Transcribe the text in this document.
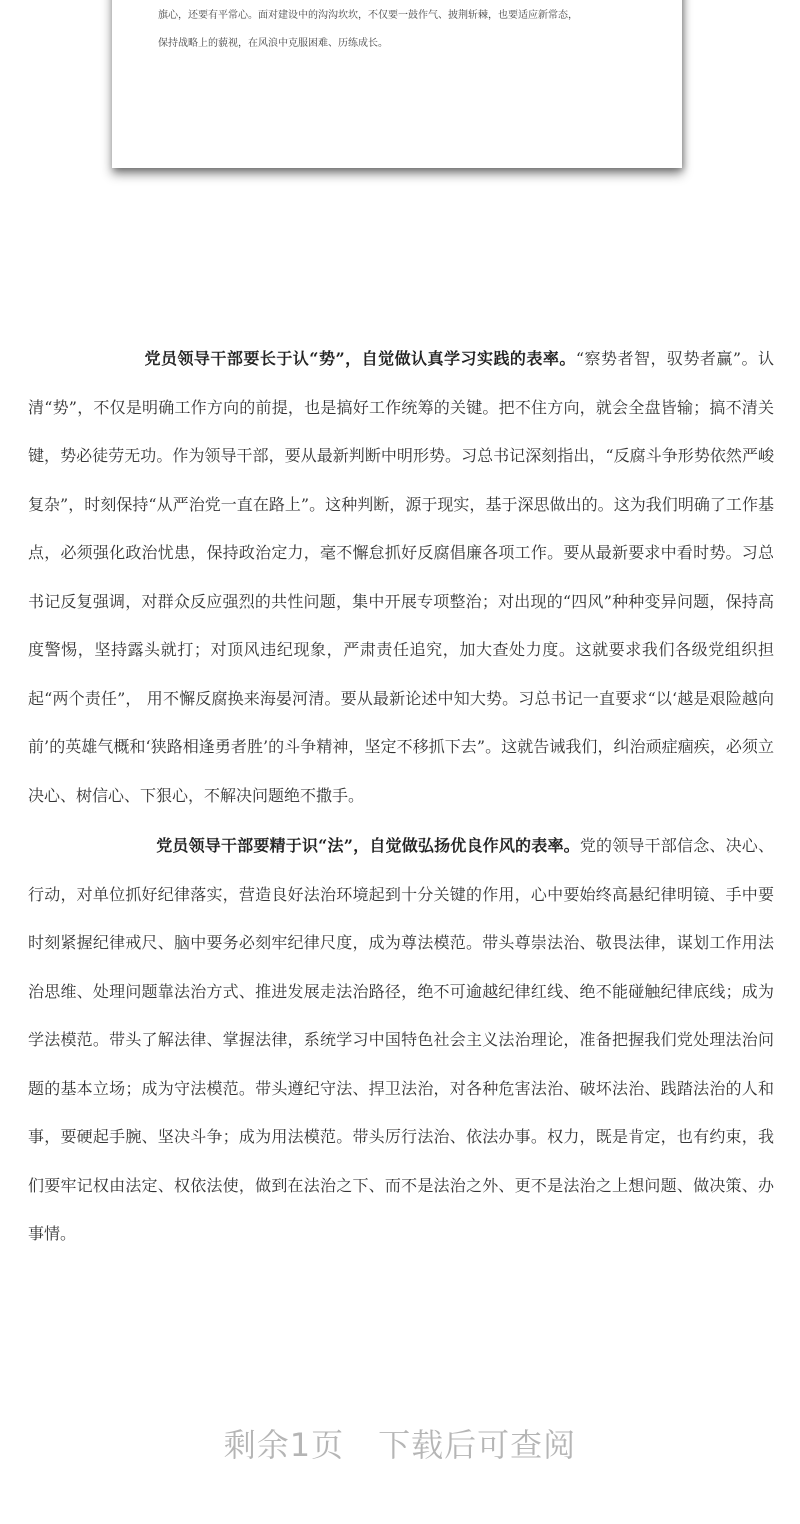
旗心，还要有平常心。面对建设中的沟沟坎坎，不仅要一鼓作气、披荆斩棘，也要适应新常态，
保持战略上的藐视，在风浪中克服困难、历练成长。

党员领导干部要长于认“势”，自觉做认真学习实践的表率。“察势者智，驭势者赢”。认清“势”，不仅是明确工作方向的前提，也是搞好工作统筹的关键。把不住方向，就会全盘皆输；搞不清关键，势必徒劳无功。作为领导干部，要从最新判断中明形势。习总书记深刻指出，“反腐斗争形势依然严峻复杂”，时刻保持“从严治党一直在路上”。这种判断，源于现实，基于深思做出的。这为我们明确了工作基点，必须强化政治忧患，保持政治定力，毫不懈怠抓好反腐倡廉各项工作。要从最新要求中看时势。习总书记反复强调，对群众反应强烈的共性问题，集中开展专项整治；对出现的“四风”种种变异问题，保持高度警惕，坚持露头就打；对顶风违纪现象，严肃责任追究，加大查处力度。这就要求我们各级党组织担起“两个责任”， 用不懈反腐换来海晏河清。要从最新论述中知大势。习总书记一直要求“以‘越是艰险越向前’的英雄气概和‘狭路相逢勇者胜’的斗争精神，坚定不移抓下去”。这就告诫我们，纠治顽症痼疾，必须立决心、树信心、下狠心，不解决问题绝不撒手。

党员领导干部要精于识“法”，自觉做弘扬优良作风的表率。党的领导干部信念、决心、行动，对单位抓好纪律落实，营造良好法治环境起到十分关键的作用，心中要始终高悬纪律明镜、手中要时刻紧握纪律戒尺、脑中要务必刻牢纪律尺度，成为尊法模范。带头尊崇法治、敬畏法律，谋划工作用法治思维、处理问题靠法治方式、推进发展走法治路径，绝不可逾越纪律红线、绝不能碰触纪律底线；成为学法模范。带头了解法律、掌握法律，系统学习中国特色社会主义法治理论，准备把握我们党处理法治问题的基本立场；成为守法模范。带头遵纪守法、捍卫法治，对各种危害法治、破坏法治、践踏法治的人和事，要硬起手腕、坚决斗争；成为用法模范。带头厉行法治、依法办事。权力，既是肯定，也有约束，我们要牢记权由法定、权依法使，做到在法治之下、而不是法治之外、更不是法治之上想问题、做决策、办事情。

剩余1页 下载后可查阅
